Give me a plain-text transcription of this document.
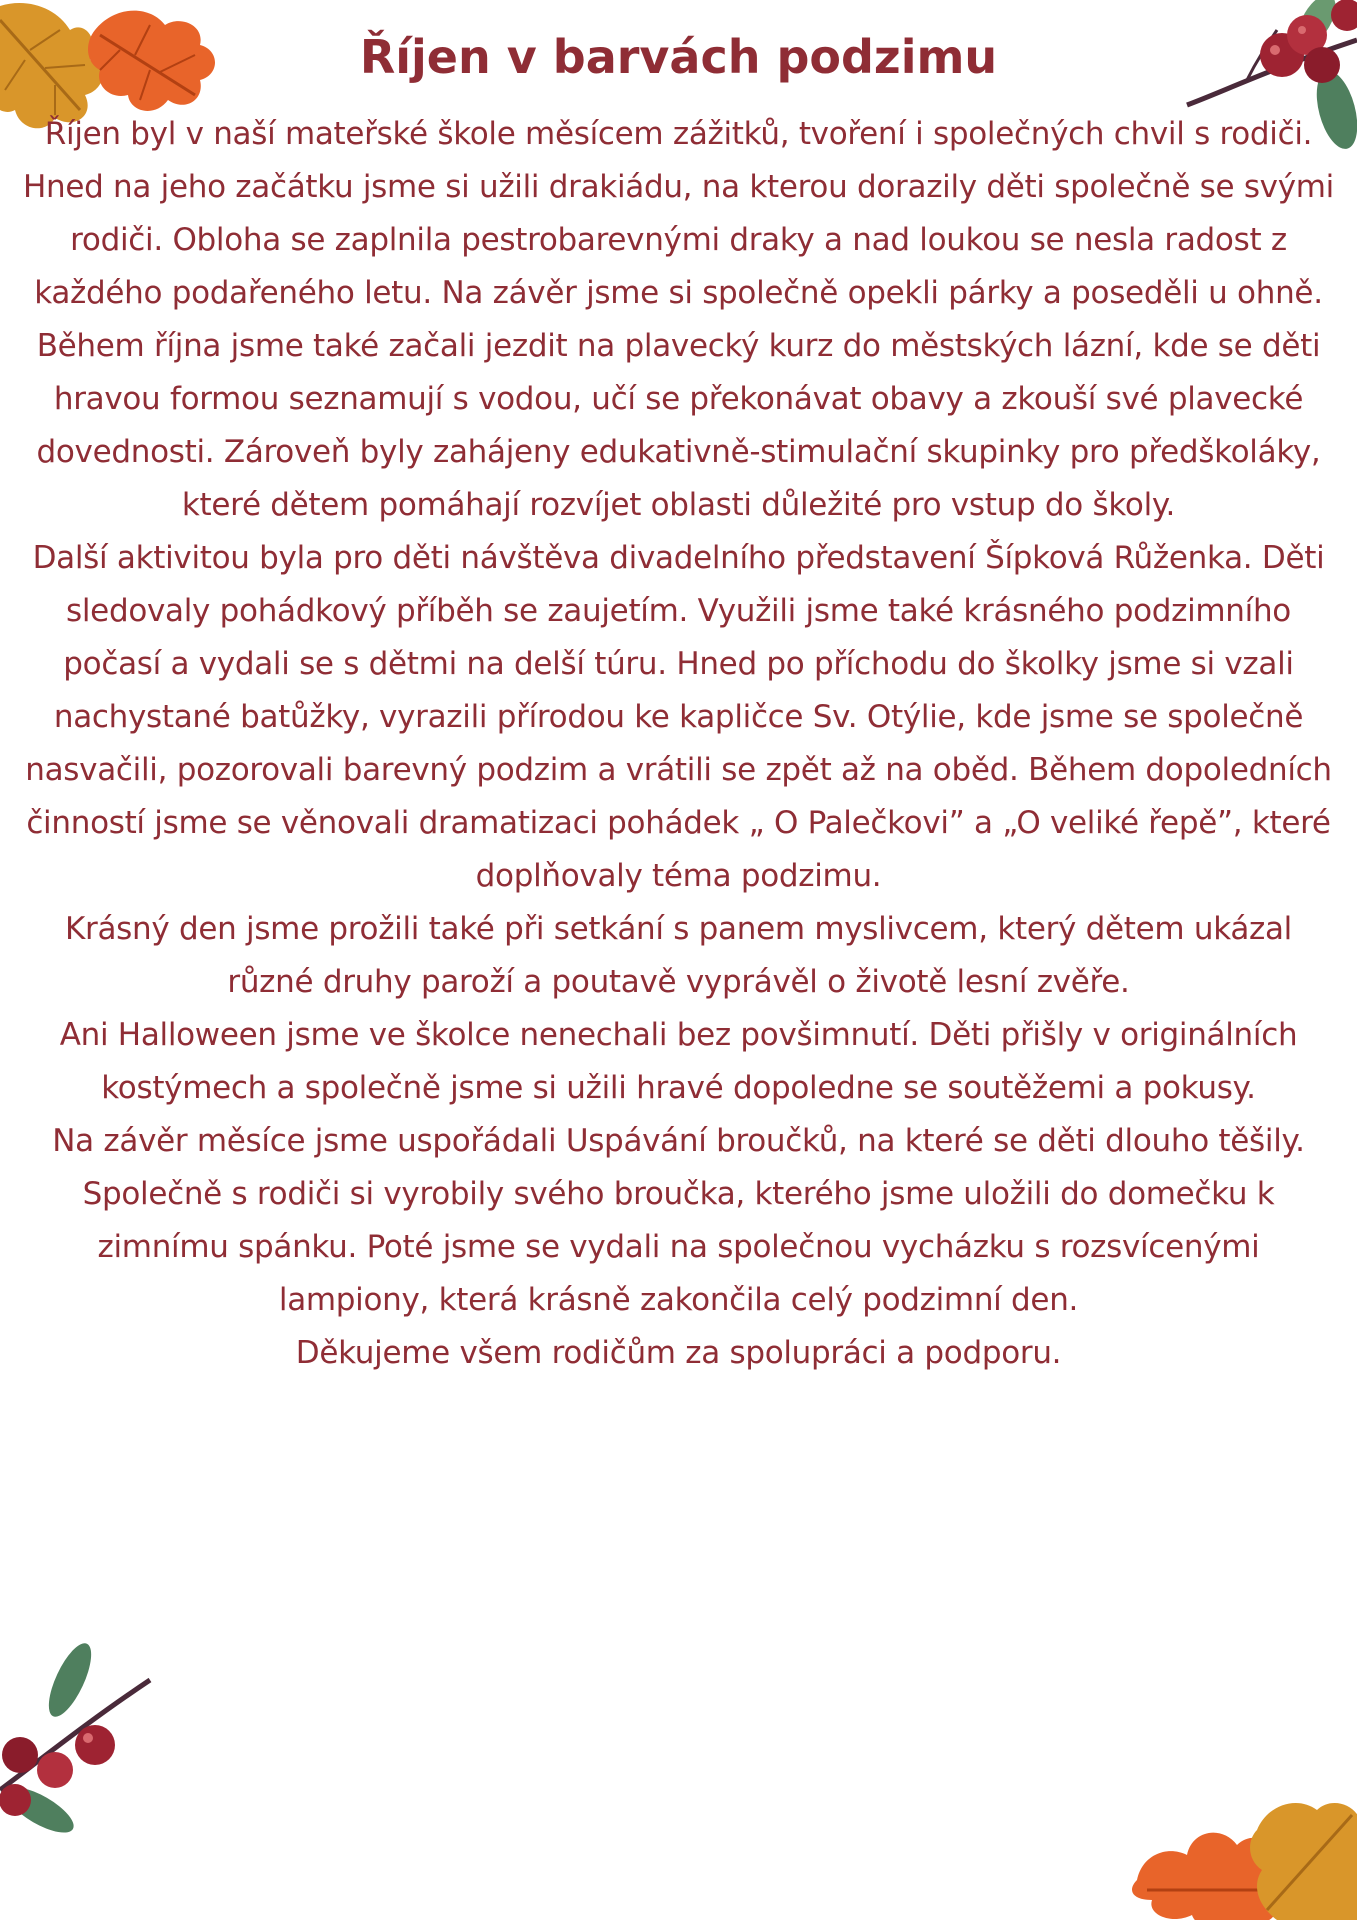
Říjen v barvách podzimu

Říjen byl v naší mateřské škole měsícem zážitků, tvoření i společných chvil s rodiči. Hned na jeho začátku jsme si užili drakiádu, na kterou dorazily děti společně se svými rodiči. Obloha se zaplnila pestrobarevnými draky a nad loukou se nesla radost z každého podařeného letu. Na závěr jsme si společně opekli párky a poseděli u ohně. Během října jsme také začali jezdit na plavecký kurz do městských lázní, kde se děti hravou formou seznamují s vodou, učí se překonávat obavy a zkouší své plavecké dovednosti. Zároveň byly zahájeny edukativně-stimulační skupinky pro předškoláky, které dětem pomáhají rozvíjet oblasti důležité pro vstup do školy.

Další aktivitou byla pro děti návštěva divadelního představení Šípková Růženka. Děti sledovaly pohádkový příběh se zaujetím. Využili jsme také krásného podzimního počasí a vydali se s dětmi na delší túru. Hned po příchodu do školky jsme si vzali nachystané batůžky, vyrazili přírodou ke kapličce Sv. Otýlie, kde jsme se společně nasvačili, pozorovali barevný podzim a vrátili se zpět až na oběd. Během dopoledních činností jsme se věnovali dramatizaci pohádek „ O Palečkovi” a „O veliké řepě”, které doplňovaly téma podzimu.

Krásný den jsme prožili také při setkání s panem myslivcem, který dětem ukázal různé druhy paroží a poutavě vyprávěl o životě lesní zvěře.

Ani Halloween jsme ve školce nenechali bez povšimnutí. Děti přišly v originálních kostýmech a společně jsme si užili hravé dopoledne se soutěžemi a pokusy.

Na závěr měsíce jsme uspořádali Uspávání broučků, na které se děti dlouho těšily. Společně s rodiči si vyrobily svého broučka, kterého jsme uložili do domečku k zimnímu spánku. Poté jsme se vydali na společnou vycházku s rozsvícenými lampiony, která krásně zakončila celý podzimní den.

Děkujeme všem rodičům za spolupráci a podporu.
